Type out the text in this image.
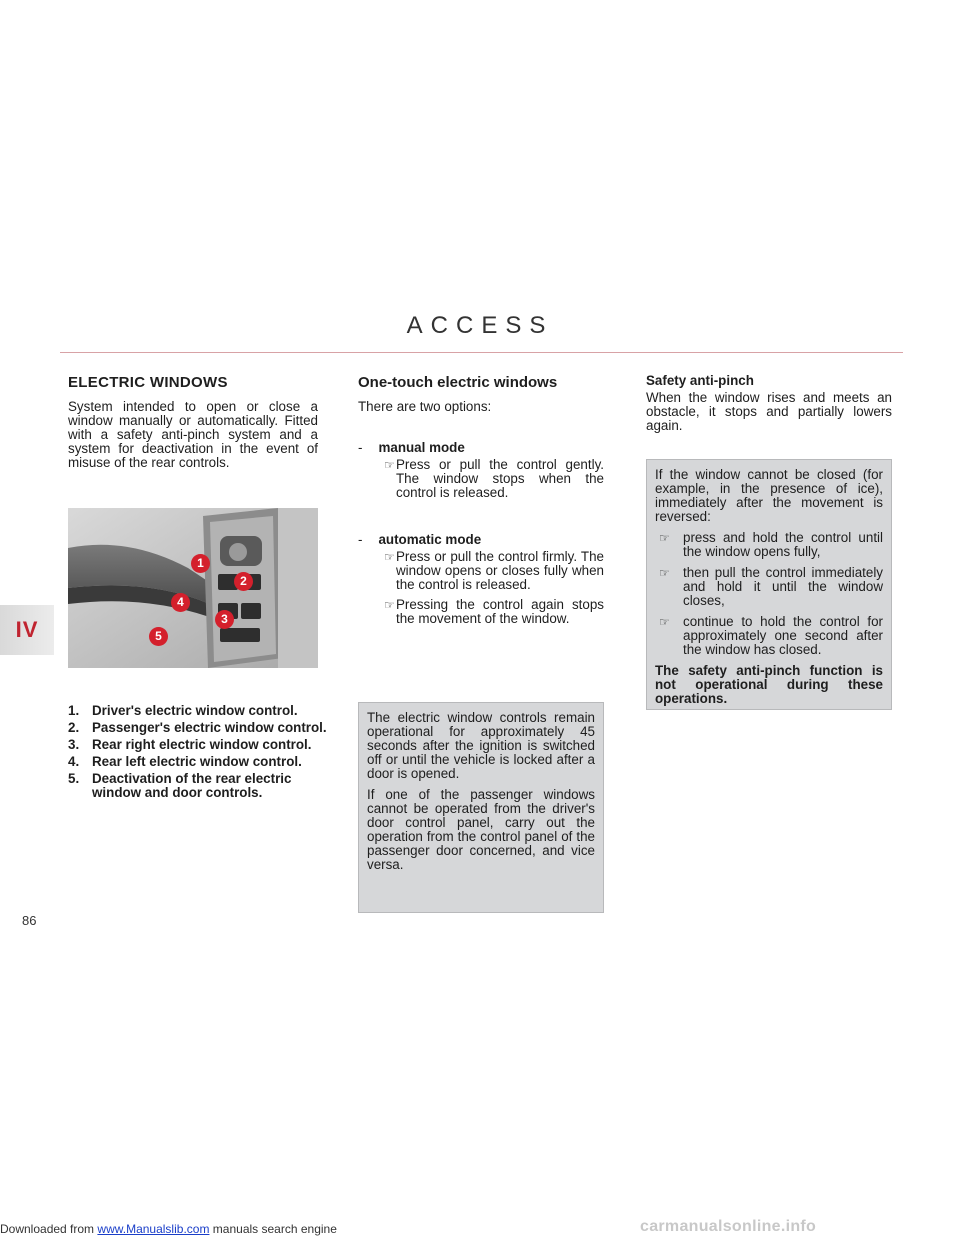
ACCESS
IV
86
ELECTRIC WINDOWS

System intended to open or close a window manually or automatically. Fitted with a safety anti-pinch system and a system for deactivation in the event of misuse of the rear controls.

1
2
3
4
5
1. Driver's electric window control.
2. Passenger's electric window control.
3. Rear right electric window control.
4. Rear left electric window control.
5. Deactivation of the rear electric window and door controls.
One-touch electric windows

There are two options:

- manual mode

☞ Press or pull the control gently. The window stops when the control is released.

- automatic mode

☞ Press or pull the control firmly. The window opens or closes fully when the control is released.

☞ Pressing the control again stops the movement of the window.

The electric window controls remain operational for approximately 45 seconds after the ignition is switched off or until the vehicle is locked after a door is opened.

If one of the passenger windows cannot be operated from the driver's door control panel, carry out the operation from the control panel of the passenger door concerned, and vice versa.

Safety anti-pinch

When the window rises and meets an obstacle, it stops and partially lowers again.

If the window cannot be closed (for example, in the presence of ice), immediately after the movement is reversed:

☞ press and hold the control until the window opens fully,

☞ then pull the control immediately and hold it until the window closes,

☞ continue to hold the control for approximately one second after the window has closed.

The safety anti-pinch function is not operational during these operations.

Downloaded from www.Manualslib.com manuals search engine	carmanualsonline.info
